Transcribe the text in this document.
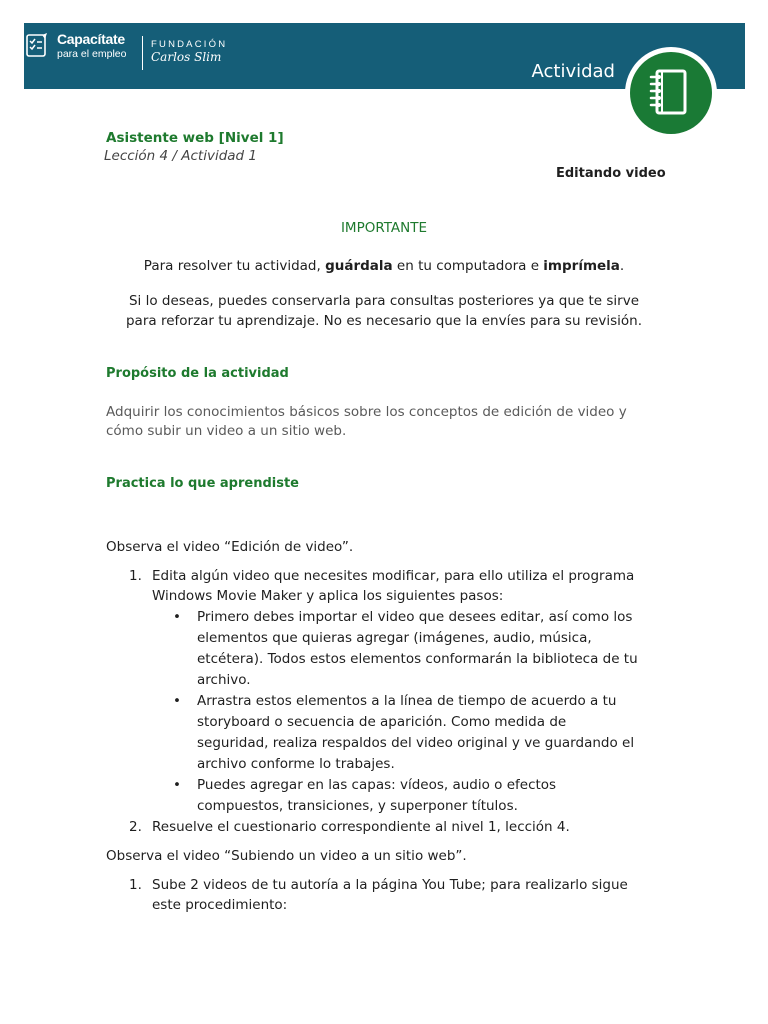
Capacítate
para el empleo
FUNDACIÓN
Carlos Slim
Actividad
Asistente web [Nivel 1]
Lección 4 / Actividad 1
Editando video
IMPORTANTE
Para resolver tu actividad, guárdala en tu computadora e imprímela.
Si lo deseas, puedes conservarla para consultas posteriores ya que te sirve
para reforzar tu aprendizaje. No es necesario que la envíes para su revisión.
Propósito de la actividad
Adquirir los conocimientos básicos sobre los conceptos de edición de video y
cómo subir un video a un sitio web.
Practica lo que aprendiste
Observa el video “Edición de video”.
1. Edita algún video que necesites modificar, para ello utiliza el programa
Windows Movie Maker y aplica los siguientes pasos:
• Primero debes importar el video que desees editar, así como los
elementos que quieras agregar (imágenes, audio, música,
etcétera). Todos estos elementos conformarán la biblioteca de tu
archivo.
• Arrastra estos elementos a la línea de tiempo de acuerdo a tu
storyboard o secuencia de aparición. Como medida de
seguridad, realiza respaldos del video original y ve guardando el
archivo conforme lo trabajes.
• Puedes agregar en las capas: vídeos, audio o efectos
compuestos, transiciones, y superponer títulos.
2. Resuelve el cuestionario correspondiente al nivel 1, lección 4.
Observa el video “Subiendo un video a un sitio web”.
1. Sube 2 videos de tu autoría a la página You Tube; para realizarlo sigue
este procedimiento:
